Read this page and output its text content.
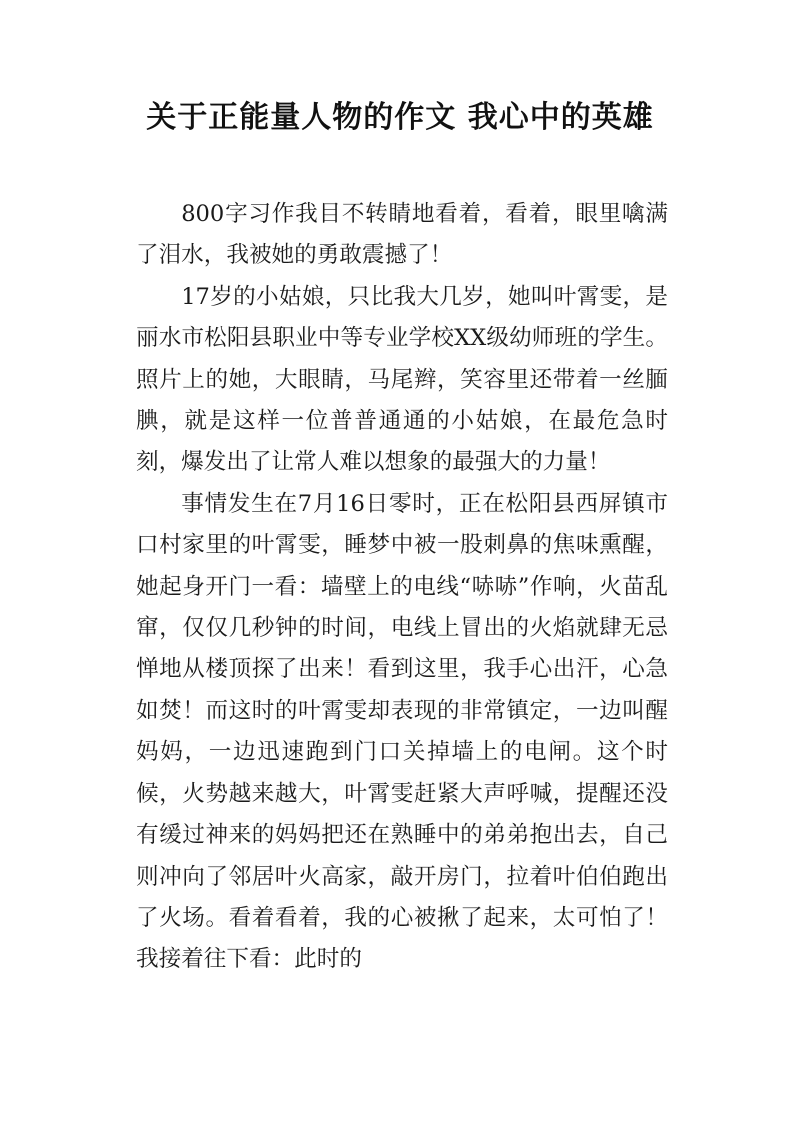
关于正能量人物的作文 我心中的英雄

800字习作我目不转睛地看着，看着，眼里噙满了泪水，我被她的勇敢震撼了！

17岁的小姑娘，只比我大几岁，她叫叶霄雯，是丽水市松阳县职业中等专业学校XX级幼师班的学生。照片上的她，大眼睛，马尾辫，笑容里还带着一丝腼腆，就是这样一位普普通通的小姑娘，在最危急时刻，爆发出了让常人难以想象的最强大的力量！

事情发生在7月16日零时，正在松阳县西屏镇市口村家里的叶霄雯，睡梦中被一股刺鼻的焦味熏醒，她起身开门一看：墙壁上的电线“哧哧”作响，火苗乱窜，仅仅几秒钟的时间，电线上冒出的火焰就肆无忌惮地从楼顶探了出来！看到这里，我手心出汗，心急如焚！而这时的叶霄雯却表现的非常镇定，一边叫醒妈妈，一边迅速跑到门口关掉墙上的电闸。这个时候，火势越来越大，叶霄雯赶紧大声呼喊，提醒还没有缓过神来的妈妈把还在熟睡中的弟弟抱出去，自己则冲向了邻居叶火高家，敲开房门，拉着叶伯伯跑出了火场。看着看着，我的心被揪了起来，太可怕了！我接着往下看：此时的
